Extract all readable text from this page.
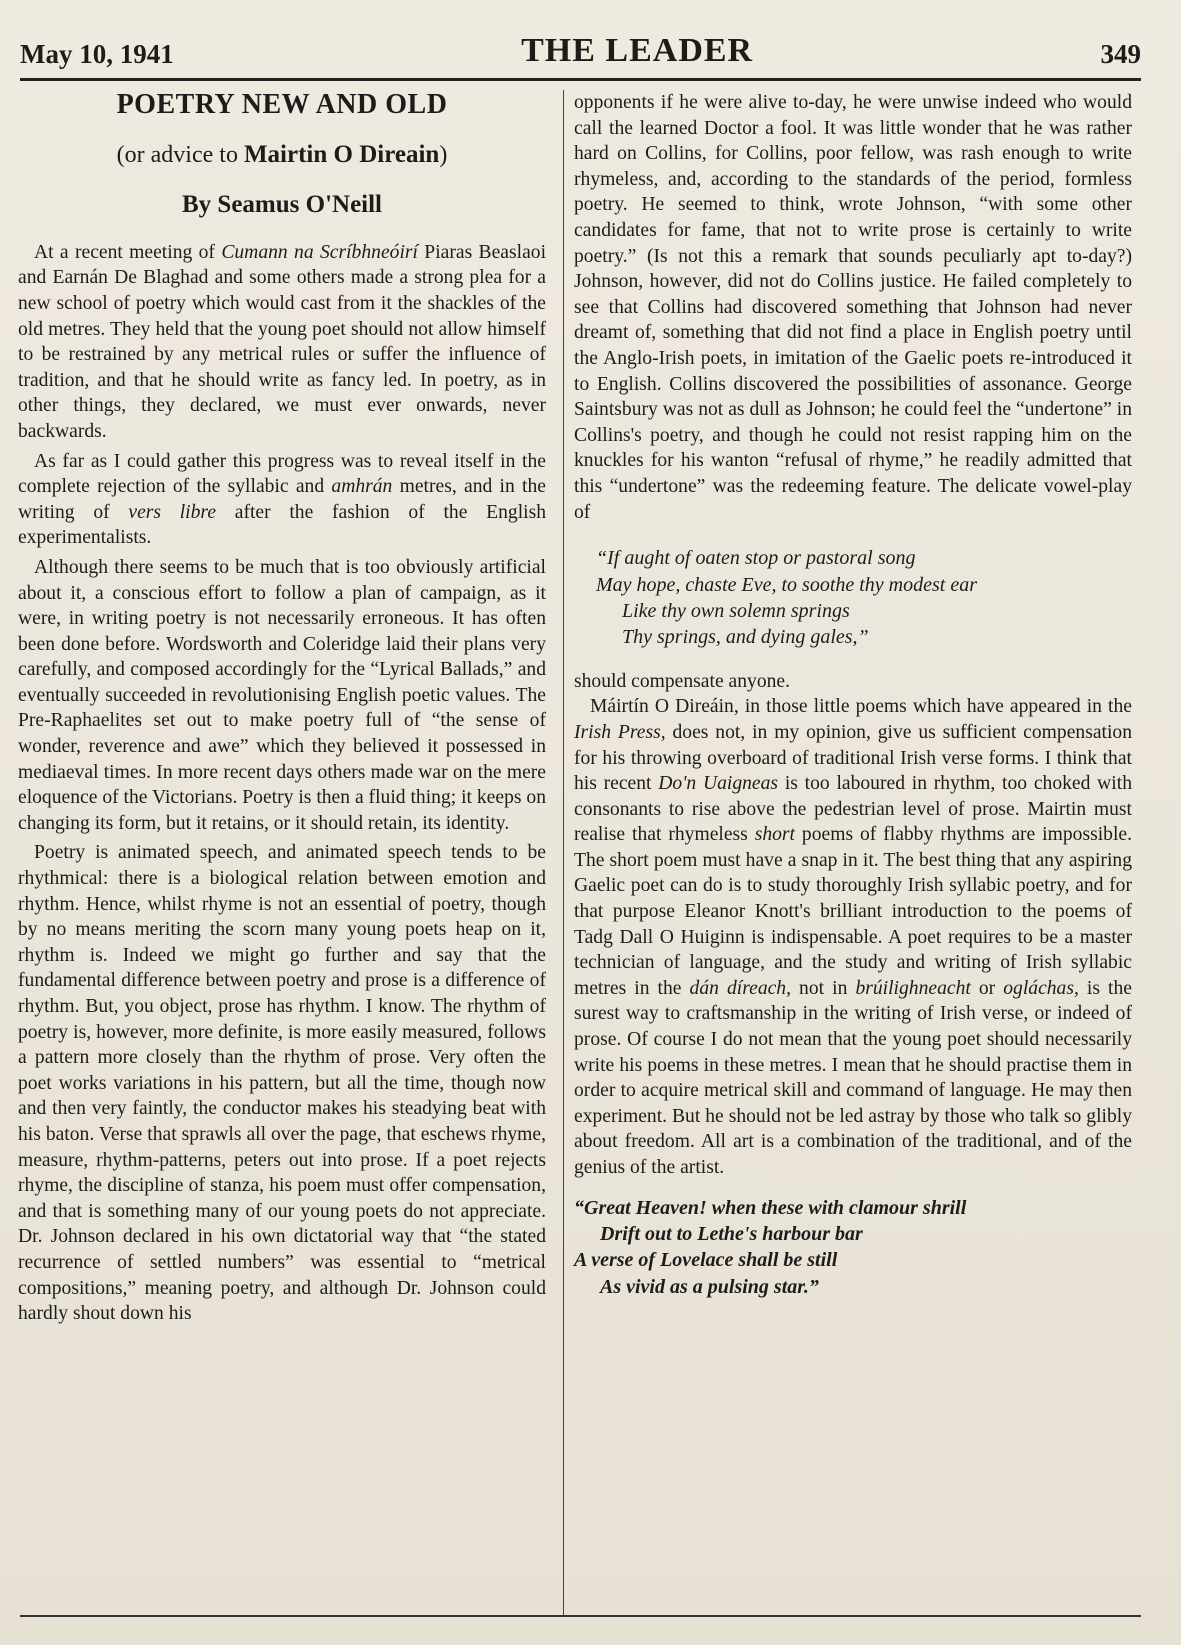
May 10, 1941	THE LEADER	349
POETRY NEW AND OLD
(or advice to Mairtin O Direain)
By Seamus O'Neill

At a recent meeting of Cumann na Scríbhneóirí Piaras Beaslaoi and Earnán De Blaghad and some others made a strong plea for a new school of poetry which would cast from it the shackles of the old metres. They held that the young poet should not allow himself to be restrained by any metrical rules or suffer the influence of tradition, and that he should write as fancy led. In poetry, as in other things, they declared, we must ever onwards, never backwards.

As far as I could gather this progress was to reveal itself in the complete rejection of the syllabic and amhrán metres, and in the writing of vers libre after the fashion of the English experimentalists.

Although there seems to be much that is too obviously artificial about it, a conscious effort to follow a plan of campaign, as it were, in writing poetry is not necessarily erroneous. It has often been done before. Wordsworth and Coleridge laid their plans very carefully, and composed accordingly for the “Lyrical Ballads,” and eventually succeeded in revolutionising English poetic values. The Pre-Raphaelites set out to make poetry full of “the sense of wonder, reverence and awe” which they believed it possessed in mediaeval times. In more recent days others made war on the mere eloquence of the Victorians. Poetry is then a fluid thing; it keeps on changing its form, but it retains, or it should retain, its identity.

Poetry is animated speech, and animated speech tends to be rhythmical: there is a biological relation between emotion and rhythm. Hence, whilst rhyme is not an essential of poetry, though by no means meriting the scorn many young poets heap on it, rhythm is. Indeed we might go further and say that the fundamental difference between poetry and prose is a difference of rhythm. But, you object, prose has rhythm. I know. The rhythm of poetry is, however, more definite, is more easily measured, follows a pattern more closely than the rhythm of prose. Very often the poet works variations in his pattern, but all the time, though now and then very faintly, the conductor makes his steadying beat with his baton. Verse that sprawls all over the page, that eschews rhyme, measure, rhythm-patterns, peters out into prose. If a poet rejects rhyme, the discipline of stanza, his poem must offer compensation, and that is something many of our young poets do not appreciate. Dr. Johnson declared in his own dictatorial way that “the stated recurrence of settled numbers” was essential to “metrical compositions,” meaning poetry, and although Dr. Johnson could hardly shout down his

opponents if he were alive to-day, he were unwise indeed who would call the learned Doctor a fool. It was little wonder that he was rather hard on Collins, for Collins, poor fellow, was rash enough to write rhymeless, and, according to the standards of the period, formless poetry. He seemed to think, wrote Johnson, “with some other candidates for fame, that not to write prose is certainly to write poetry.” (Is not this a remark that sounds peculiarly apt to-day?) Johnson, however, did not do Collins justice. He failed completely to see that Collins had discovered something that Johnson had never dreamt of, something that did not find a place in English poetry until the Anglo-Irish poets, in imitation of the Gaelic poets re-introduced it to English. Collins discovered the possibilities of assonance. George Saintsbury was not as dull as Johnson; he could feel the “undertone” in Collins's poetry, and though he could not resist rapping him on the knuckles for his wanton “refusal of rhyme,” he readily admitted that this “undertone” was the redeeming feature. The delicate vowel-play of

“If aught of oaten stop or pastoral song
May hope, chaste Eve, to soothe thy modest ear
Like thy own solemn springs
Thy springs, and dying gales,”

should compensate anyone.

Máirtín O Direáin, in those little poems which have appeared in the Irish Press, does not, in my opinion, give us sufficient compensation for his throwing overboard of traditional Irish verse forms. I think that his recent Do'n Uaigneas is too laboured in rhythm, too choked with consonants to rise above the pedestrian level of prose. Mairtin must realise that rhymeless short poems of flabby rhythms are impossible. The short poem must have a snap in it. The best thing that any aspiring Gaelic poet can do is to study thoroughly Irish syllabic poetry, and for that purpose Eleanor Knott's brilliant introduction to the poems of Tadg Dall O Huiginn is indispensable. A poet requires to be a master technician of language, and the study and writing of Irish syllabic metres in the dán díreach, not in brúilighneacht or ogláchas, is the surest way to craftsmanship in the writing of Irish verse, or indeed of prose. Of course I do not mean that the young poet should necessarily write his poems in these metres. I mean that he should practise them in order to acquire metrical skill and command of language. He may then experiment. But he should not be led astray by those who talk so glibly about freedom. All art is a combination of the traditional, and of the genius of the artist.

“Great Heaven! when these with clamour shrill
Drift out to Lethe's harbour bar
A verse of Lovelace shall be still
As vivid as a pulsing star.”
